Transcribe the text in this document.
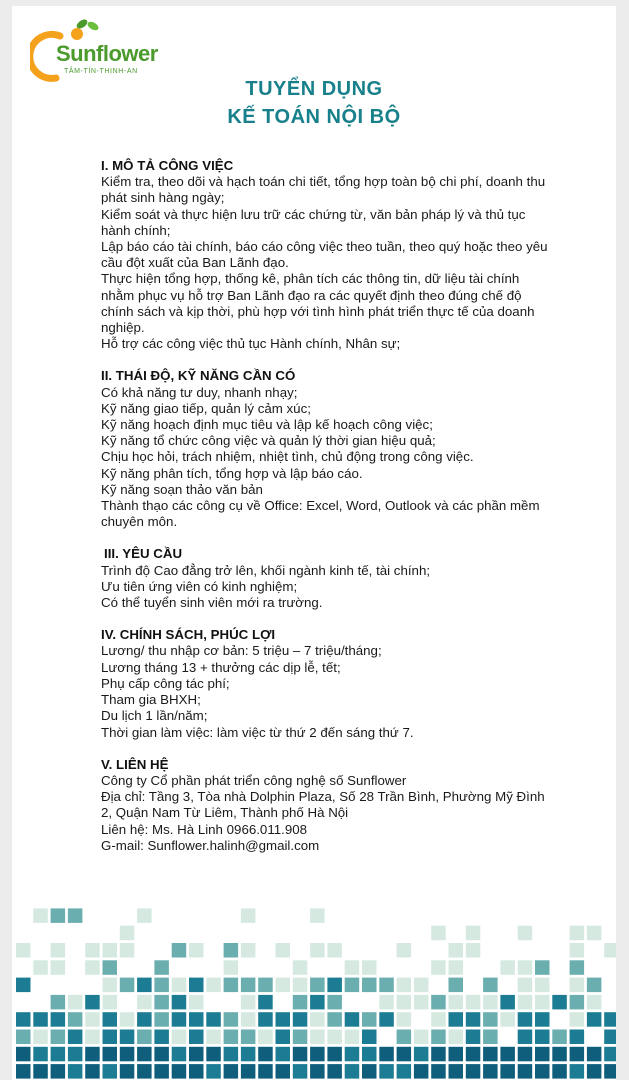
Sunflower
TÂM-TÍN-THỊNH-AN
TUYỂN DỤNG
KẾ TOÁN NỘI BỘ
I. MÔ TẢ CÔNG VIỆC
Kiểm tra, theo dõi và hạch toán chi tiết, tổng hợp toàn bộ chi phí, doanh thu phát sinh hàng ngày;
Kiểm soát và thực hiện lưu trữ các chứng từ, văn bản pháp lý và thủ tục hành chính;
Lập báo cáo tài chính, báo cáo công việc theo tuần, theo quý hoặc theo yêu cầu đột xuất của Ban Lãnh đạo.
Thực hiện tổng hợp, thống kê, phân tích các thông tin, dữ liệu tài chính nhằm phục vụ hỗ trợ Ban Lãnh đạo ra các quyết định theo đúng chế độ chính sách và kịp thời, phù hợp với tình hình phát triển thực tế của doanh nghiệp.
Hỗ trợ các công việc thủ tục Hành chính, Nhân sự;
II. THÁI ĐỘ, KỸ NĂNG CẦN CÓ
Có khả năng tư duy, nhanh nhạy;
Kỹ năng giao tiếp, quản lý cảm xúc;
Kỹ năng hoạch định mục tiêu và lập kế hoạch công việc;
Kỹ năng tổ chức công việc và quản lý thời gian hiệu quả;
Chịu học hỏi, trách nhiệm, nhiệt tình, chủ động trong công việc.
Kỹ năng phân tích, tổng hợp và lập báo cáo.
Kỹ năng soạn thảo văn bản
Thành thạo các công cụ về Office: Excel, Word, Outlook và các phần mềm chuyên môn.
III. YÊU CẦU
Trình độ Cao đẳng trở lên, khối ngành kinh tế, tài chính;
Ưu tiên ứng viên có kinh nghiệm;
Có thể tuyển sinh viên mới ra trường.
IV. CHÍNH SÁCH, PHÚC LỢI
Lương/ thu nhập cơ bản: 5 triệu – 7 triệu/tháng;
Lương tháng 13 + thưởng các dịp lễ, tết;
Phụ cấp công tác phí;
Tham gia BHXH;
Du lịch 1 lần/năm;
Thời gian làm việc: làm việc từ thứ 2 đến sáng thứ 7.
V. LIÊN HỆ
Công ty Cổ phần phát triển công nghệ số Sunflower
Địa chỉ: Tầng 3, Tòa nhà Dolphin Plaza, Số 28 Trần Bình, Phường Mỹ Đình 2, Quận Nam Từ Liêm, Thành phố Hà Nội
Liên hệ: Ms. Hà Linh 0966.011.908
G-mail: Sunflower.halinh@gmail.com
